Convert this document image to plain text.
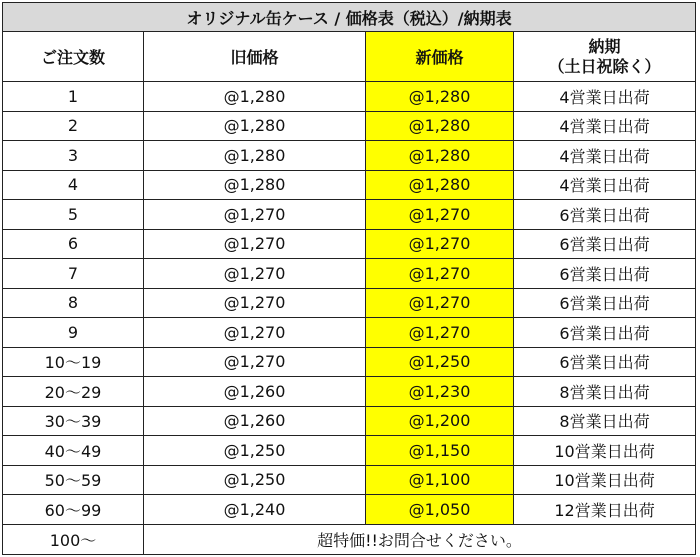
オリジナル缶ケース / 価格表（税込）/納期表			
ご注文数	旧価格	新価格	納期
（土日祝除く）

1	@1,280	@1,280	4営業日出荷
2	@1,280	@1,280	4営業日出荷
3	@1,280	@1,280	4営業日出荷
4	@1,280	@1,280	4営業日出荷
5	@1,270	@1,270	6営業日出荷
6	@1,270	@1,270	6営業日出荷
7	@1,270	@1,270	6営業日出荷
8	@1,270	@1,270	6営業日出荷
9	@1,270	@1,270	6営業日出荷
10〜19	@1,270	@1,250	6営業日出荷
20〜29	@1,260	@1,230	8営業日出荷
30〜39	@1,260	@1,200	8営業日出荷
40〜49	@1,250	@1,150	10営業日出荷
50〜59	@1,250	@1,100	10営業日出荷
60〜99	@1,240	@1,050	12営業日出荷
100〜	超特価!!お問合せください。		
